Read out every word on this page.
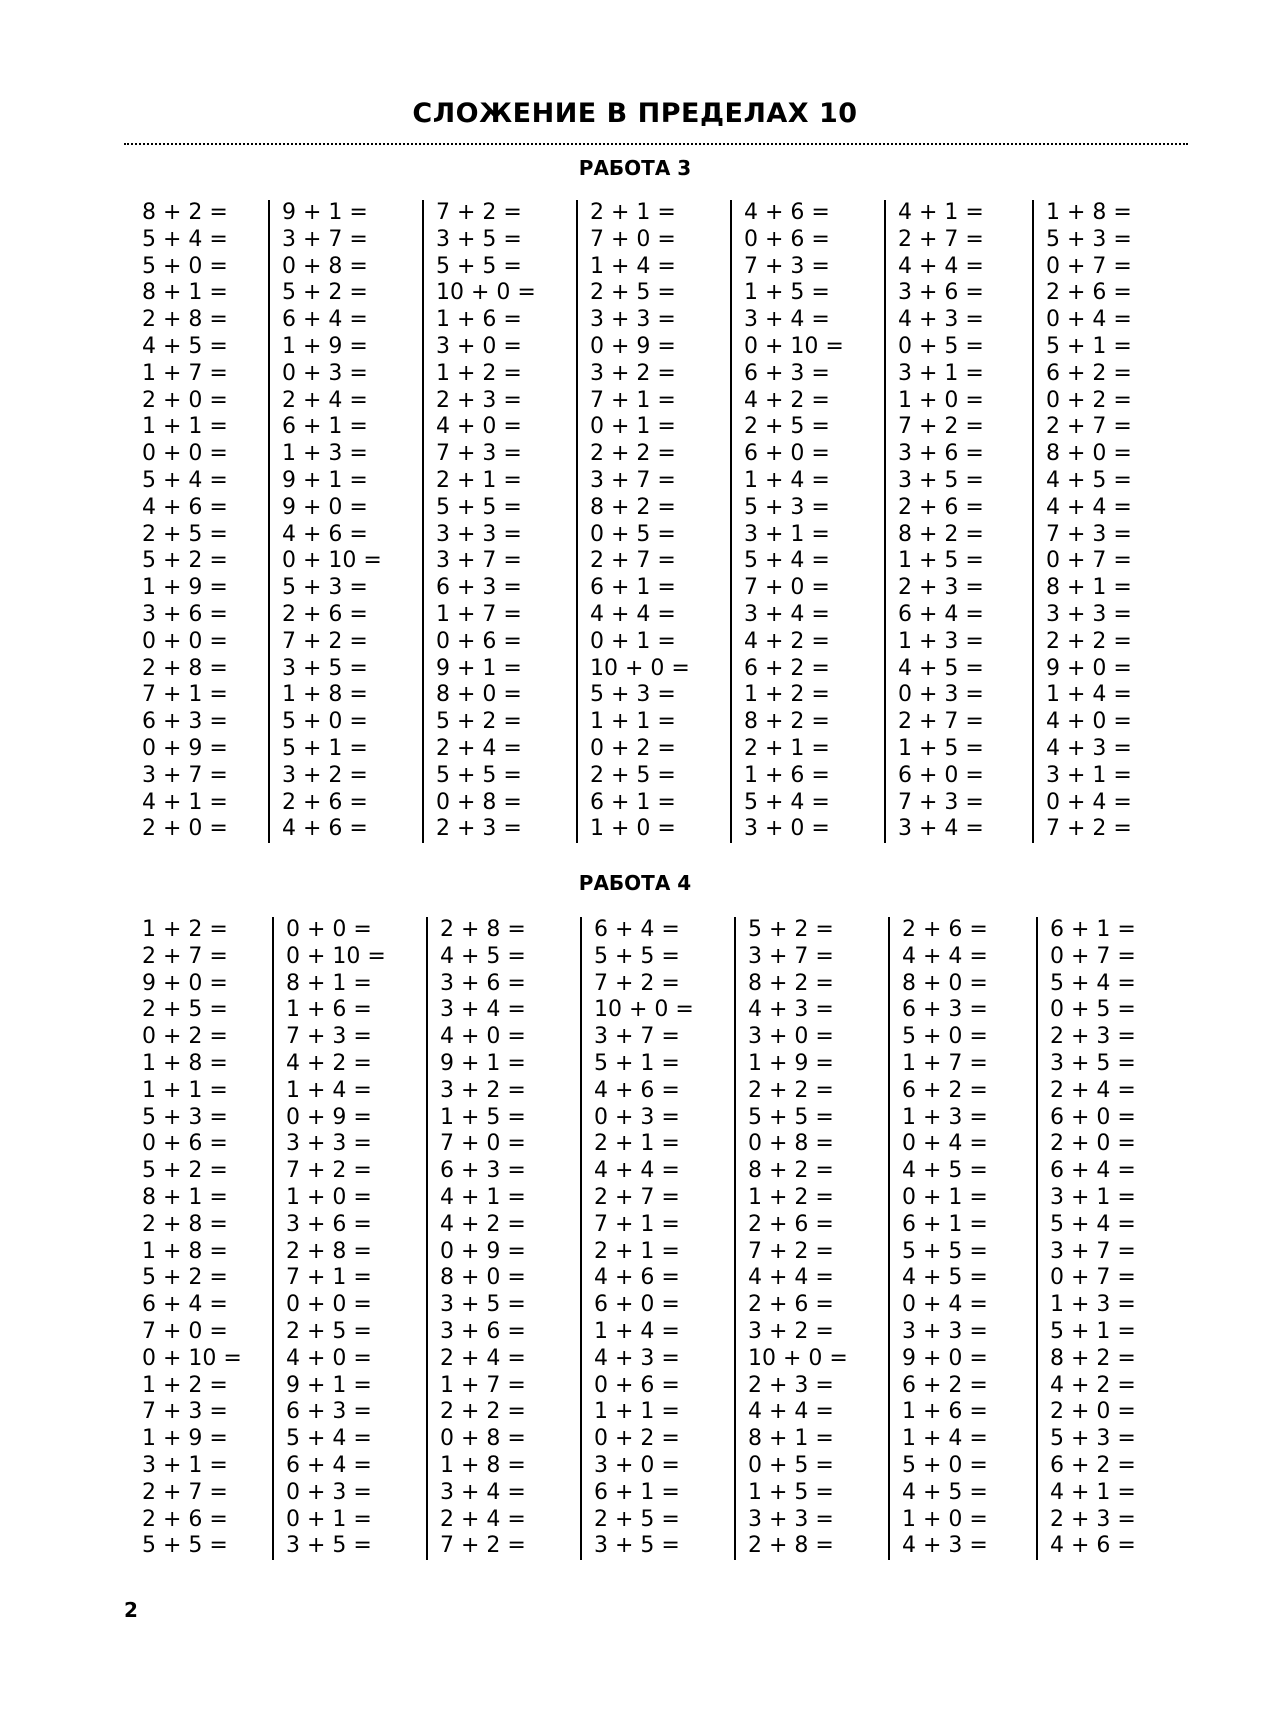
СЛОЖЕНИЕ В ПРЕДЕЛАХ 10
РАБОТА 3
8 + 2 =
5 + 4 =
5 + 0 =
8 + 1 =
2 + 8 =
4 + 5 =
1 + 7 =
2 + 0 =
1 + 1 =
0 + 0 =
5 + 4 =
4 + 6 =
2 + 5 =
5 + 2 =
1 + 9 =
3 + 6 =
0 + 0 =
2 + 8 =
7 + 1 =
6 + 3 =
0 + 9 =
3 + 7 =
4 + 1 =
2 + 0 =
9 + 1 =
3 + 7 =
0 + 8 =
5 + 2 =
6 + 4 =
1 + 9 =
0 + 3 =
2 + 4 =
6 + 1 =
1 + 3 =
9 + 1 =
9 + 0 =
4 + 6 =
0 + 10 =
5 + 3 =
2 + 6 =
7 + 2 =
3 + 5 =
1 + 8 =
5 + 0 =
5 + 1 =
3 + 2 =
2 + 6 =
4 + 6 =
7 + 2 =
3 + 5 =
5 + 5 =
10 + 0 =
1 + 6 =
3 + 0 =
1 + 2 =
2 + 3 =
4 + 0 =
7 + 3 =
2 + 1 =
5 + 5 =
3 + 3 =
3 + 7 =
6 + 3 =
1 + 7 =
0 + 6 =
9 + 1 =
8 + 0 =
5 + 2 =
2 + 4 =
5 + 5 =
0 + 8 =
2 + 3 =
2 + 1 =
7 + 0 =
1 + 4 =
2 + 5 =
3 + 3 =
0 + 9 =
3 + 2 =
7 + 1 =
0 + 1 =
2 + 2 =
3 + 7 =
8 + 2 =
0 + 5 =
2 + 7 =
6 + 1 =
4 + 4 =
0 + 1 =
10 + 0 =
5 + 3 =
1 + 1 =
0 + 2 =
2 + 5 =
6 + 1 =
1 + 0 =
4 + 6 =
0 + 6 =
7 + 3 =
1 + 5 =
3 + 4 =
0 + 10 =
6 + 3 =
4 + 2 =
2 + 5 =
6 + 0 =
1 + 4 =
5 + 3 =
3 + 1 =
5 + 4 =
7 + 0 =
3 + 4 =
4 + 2 =
6 + 2 =
1 + 2 =
8 + 2 =
2 + 1 =
1 + 6 =
5 + 4 =
3 + 0 =
4 + 1 =
2 + 7 =
4 + 4 =
3 + 6 =
4 + 3 =
0 + 5 =
3 + 1 =
1 + 0 =
7 + 2 =
3 + 6 =
3 + 5 =
2 + 6 =
8 + 2 =
1 + 5 =
2 + 3 =
6 + 4 =
1 + 3 =
4 + 5 =
0 + 3 =
2 + 7 =
1 + 5 =
6 + 0 =
7 + 3 =
3 + 4 =
1 + 8 =
5 + 3 =
0 + 7 =
2 + 6 =
0 + 4 =
5 + 1 =
6 + 2 =
0 + 2 =
2 + 7 =
8 + 0 =
4 + 5 =
4 + 4 =
7 + 3 =
0 + 7 =
8 + 1 =
3 + 3 =
2 + 2 =
9 + 0 =
1 + 4 =
4 + 0 =
4 + 3 =
3 + 1 =
0 + 4 =
7 + 2 =
РАБОТА 4
1 + 2 =
2 + 7 =
9 + 0 =
2 + 5 =
0 + 2 =
1 + 8 =
1 + 1 =
5 + 3 =
0 + 6 =
5 + 2 =
8 + 1 =
2 + 8 =
1 + 8 =
5 + 2 =
6 + 4 =
7 + 0 =
0 + 10 =
1 + 2 =
7 + 3 =
1 + 9 =
3 + 1 =
2 + 7 =
2 + 6 =
5 + 5 =
0 + 0 =
0 + 10 =
8 + 1 =
1 + 6 =
7 + 3 =
4 + 2 =
1 + 4 =
0 + 9 =
3 + 3 =
7 + 2 =
1 + 0 =
3 + 6 =
2 + 8 =
7 + 1 =
0 + 0 =
2 + 5 =
4 + 0 =
9 + 1 =
6 + 3 =
5 + 4 =
6 + 4 =
0 + 3 =
0 + 1 =
3 + 5 =
2 + 8 =
4 + 5 =
3 + 6 =
3 + 4 =
4 + 0 =
9 + 1 =
3 + 2 =
1 + 5 =
7 + 0 =
6 + 3 =
4 + 1 =
4 + 2 =
0 + 9 =
8 + 0 =
3 + 5 =
3 + 6 =
2 + 4 =
1 + 7 =
2 + 2 =
0 + 8 =
1 + 8 =
3 + 4 =
2 + 4 =
7 + 2 =
6 + 4 =
5 + 5 =
7 + 2 =
10 + 0 =
3 + 7 =
5 + 1 =
4 + 6 =
0 + 3 =
2 + 1 =
4 + 4 =
2 + 7 =
7 + 1 =
2 + 1 =
4 + 6 =
6 + 0 =
1 + 4 =
4 + 3 =
0 + 6 =
1 + 1 =
0 + 2 =
3 + 0 =
6 + 1 =
2 + 5 =
3 + 5 =
5 + 2 =
3 + 7 =
8 + 2 =
4 + 3 =
3 + 0 =
1 + 9 =
2 + 2 =
5 + 5 =
0 + 8 =
8 + 2 =
1 + 2 =
2 + 6 =
7 + 2 =
4 + 4 =
2 + 6 =
3 + 2 =
10 + 0 =
2 + 3 =
4 + 4 =
8 + 1 =
0 + 5 =
1 + 5 =
3 + 3 =
2 + 8 =
2 + 6 =
4 + 4 =
8 + 0 =
6 + 3 =
5 + 0 =
1 + 7 =
6 + 2 =
1 + 3 =
0 + 4 =
4 + 5 =
0 + 1 =
6 + 1 =
5 + 5 =
4 + 5 =
0 + 4 =
3 + 3 =
9 + 0 =
6 + 2 =
1 + 6 =
1 + 4 =
5 + 0 =
4 + 5 =
1 + 0 =
4 + 3 =
6 + 1 =
0 + 7 =
5 + 4 =
0 + 5 =
2 + 3 =
3 + 5 =
2 + 4 =
6 + 0 =
2 + 0 =
6 + 4 =
3 + 1 =
5 + 4 =
3 + 7 =
0 + 7 =
1 + 3 =
5 + 1 =
8 + 2 =
4 + 2 =
2 + 0 =
5 + 3 =
6 + 2 =
4 + 1 =
2 + 3 =
4 + 6 =
2
